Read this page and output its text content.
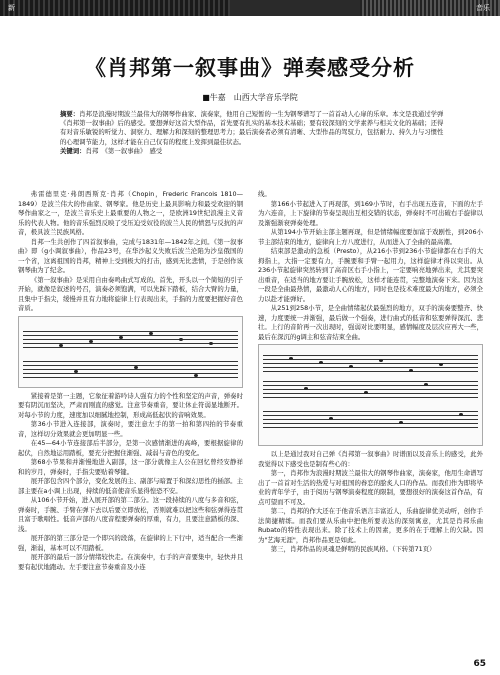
新	音乐
《肖邦第一叙事曲》弹奏感受分析
■牛嘉　山西大学音乐学院
摘要：肖邦是浪漫时期波兰最伟大的钢琴作曲家、演奏家，他用自己短暂的一生为钢琴谱写了一首首动人心扉的乐章。本文是我通过学弹《肖邦第一叙事曲》后的感受。要想弹好这首大型作品，首先要有扎实的基本技术基础；要有较深刻的文学素养与相关文化的基础；还得有对音乐敏锐的听觉力、洞察力、理解力和深刻的整理思考力；最后演奏者必须有清晰、大型作品的驾驭力，包括耐力、持久力与习惯性的心理调节能力，这样才能在自己仅有的程度上发挥到最佳状态。
关键词：肖邦　《第一叙事曲》　感受

弗雷德里克·弗朗西斯克·肖邦（Chopin，Frederic Francois 1810—1849）是波兰伟大的作曲家、钢琴家。他是历史上最具影响力和最受欢迎的钢琴作曲家之一，是波兰音乐史上最重要的人物之一，是欧洲19世纪浪漫主义音乐的代表人物。他的音乐强烈反映了受压迫受奴役的波兰人民的愤怒与反抗的声音，极具波兰民族风格。

肖邦一生共创作了四首叙事曲，完成与1831年—1842年之间。《第一叙事曲》即（g小调叙事曲），作品23号，在华沙起义失败后波兰沦陷为沙皇俄国的一个省，这离祖国的肖邦，精神上受到极大的打击，感到无比悲愤，于是创作该钢琴曲为了纪念。

《第一叙事曲》是采用自由奏鸣曲式写成的。首先，开头以一个简短的引子开始，就像是叙述的号召，演奏必须饱满，可以先踩下踏板，结合大臂的力量，且集中于指尖，缓慢并且有力地将旋律上行表现出来，手指的力度要把握好音色音质。

紧接着是第一主题，它象征着游吟诗人强有力的个性和坚定的声音，弹奏时要有阴沉而坚决，严肃而刚直的感觉。注意节奏重音，要让休止符弱显地断开。对每小节的力度，速度加以细腻地控制，形成高低起伏的音响效果。

第36小节进入连接部，演奏时，要注意左手的第一拍和第四拍的节奏重音，这样切分效果就会更加明显一些。

在45—64小节连接部后半部分，是第一次感情渐进的高峰，要根据旋律的起伏，自然地运用踏板，要充分把握住渐强、减弱与音色的变化。

第68小节果和并渐慢地进入副部，这一部分就像主人公在回忆曾经安静祥和的岁月，弹奏时，手指尖要贴着琴键。

展开部包含四个部分，变化发展的主、副部与暗置于和深幻思性的插部。主部主要在a小调上出现，持续的低音使音乐显得惶恐不安。

从106小节开始，进入展开部的第二部分。这一段持续的八度与多音和弦，弹奏时，手腕、手臂在弹下去以后要立即放松，否则就难以把这些和弦弹得连贯且富于歌唱性。低音声部的八度音程要弹奏的厚重，有力，且要注意踏板的深、浅。

展开部的第三部分是一个即兴的段落，在旋律的上下行中，适当配合一些渐强，渐弱，基本可以不用踏板。

展开部的最后一部分情绪较快走。在演奏中，右手的声音要集中，轻快并且要有起伏地跑动。左手要注意节奏重音及小连

线。

第166小节起进入了再现部，到169小节时，右手出现五连音，下面的左手为六连音，上下旋律的节奏呈现出互相交错的状态，弹奏时不可出破右手旋律以及渐强渐衰弹奏处理。

从第194小节开始主部主题再现，但是情绪幅度要加富于戏剧性，到206小节主部结束的地方，旋律向上方八度进行，从而进入了全曲的最高潮。

结束部是激动的急板（Presto），从216小节到236小节旋律都在右手的大拇指上，大指一定要有力，手腕要和手臂一起用力，这样旋律才得以突出。从236小节起旋律突然转到了高音区右手小指上，一定要响亮地弹出来，尤其要突出重音，在适当的地方要让手腕放松，这样才能连贯，完整地演奏下来。因为这一段是全曲最热情，最激动人心的地方，同时也是技术难度最大的地方，必须全力以赴才能弹好。

从251到258小节，是全曲情绪起伏最强烈的地方，双手的演奏要整齐、快速，力度要统一并渐强，最后做一个强奏，进行曲式的低音和弦要弹得深沉、悲壮。上行的音阶再一次出现时，强弱对比要明显，感情幅度及层次应再大一些，最后在深沉的g调主和弦音结束全曲。

以上是通过我对自己弹《肖邦第一叙事曲》时谱面以及音乐上的感受，此外我觉得以下感受也是制有些心的：

第一，肖邦作为浪漫时期波兰最伟大的钢琴作曲家，演奏家，他用生命谱写出了一首首对生活的热爱与对祖国的眷恋的脍炙人口的作品。而我们作为即将毕业的青年学子，由于阅历与钢琴演奏程度的限制，要想很好的演奏这首作品，有点可望而不可及。

第二，肖邦的作大还在于他音乐语言丰富近人，乐曲旋律优美动听，创作手法简捷精练。而我们要从乐曲中把他所要表达的深刻寓意，尤其是肖邦乐曲Rubato的特性表现出来。除了技术上的因素，更多的在于理解上的欠缺。因为"艺海无涯"，肖邦作品更是如此。

第三，肖邦作品的灵魂是鲜明的民族风格。（下转第71页）

65
